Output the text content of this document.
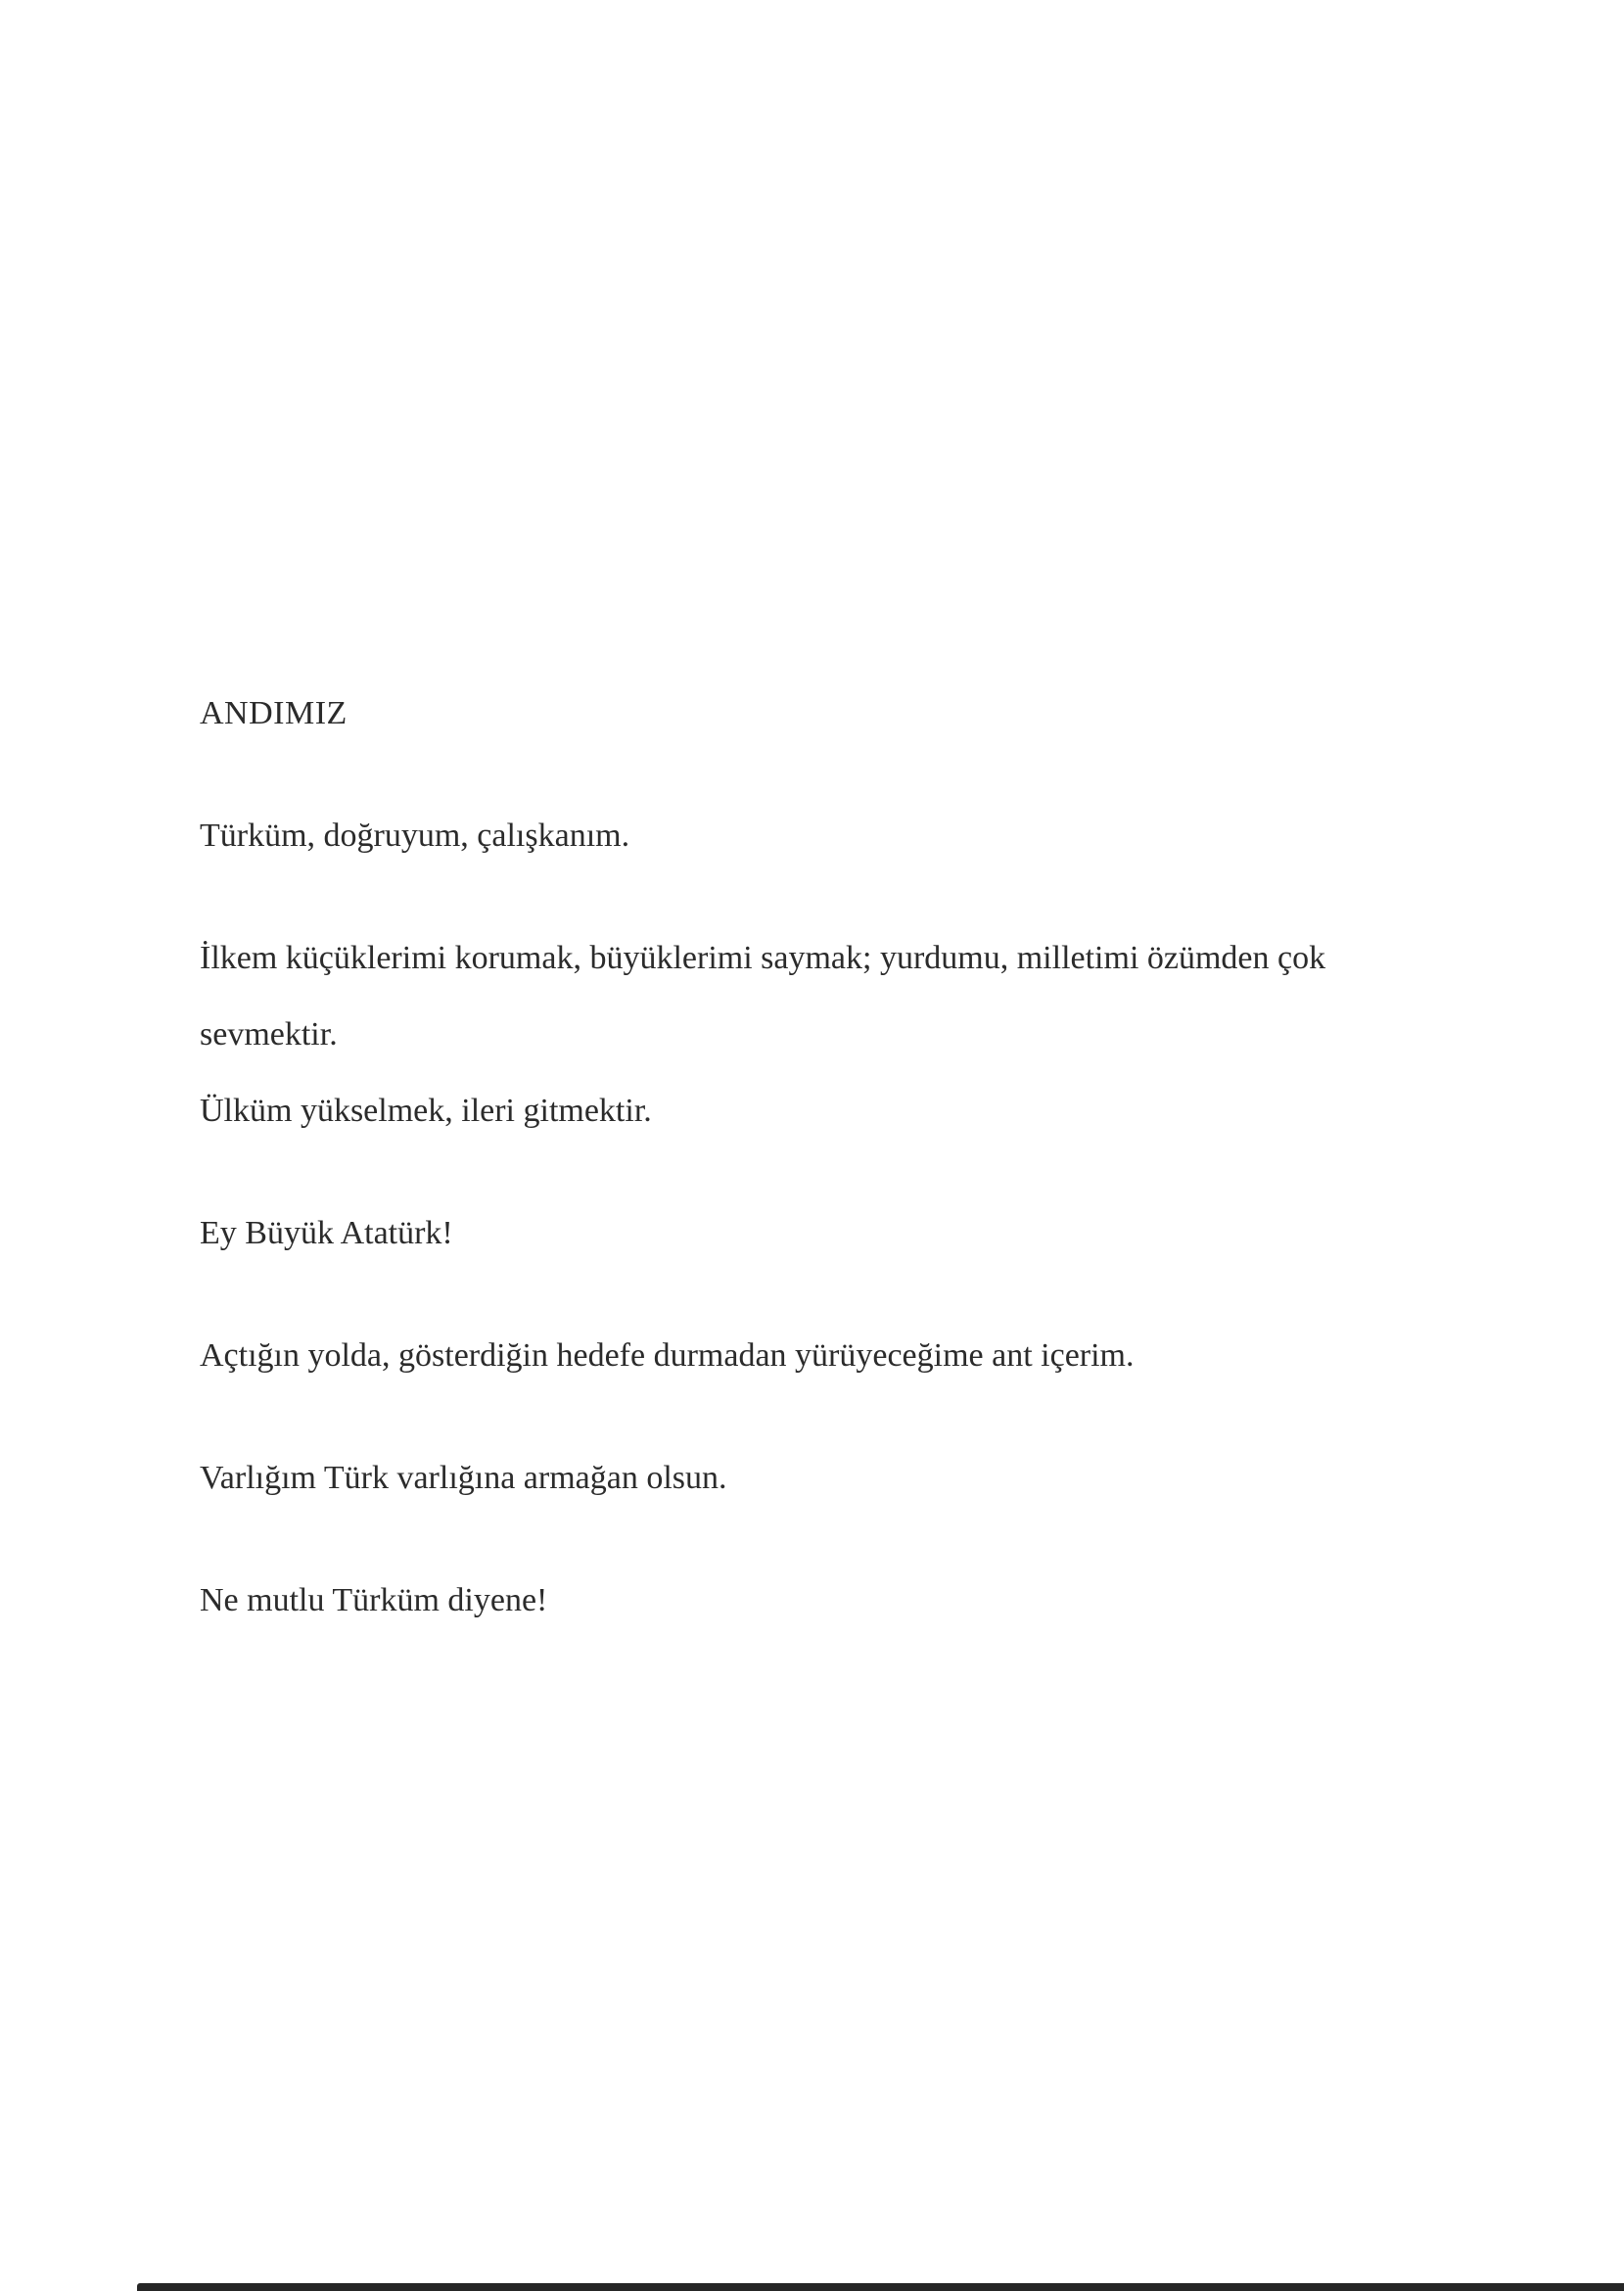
ANDIMIZ

Türküm, doğruyum, çalışkanım.

İlkem küçüklerimi korumak, büyüklerimi saymak; yurdumu, milletimi özümden çok sevmektir.

Ülküm yükselmek, ileri gitmektir.

Ey Büyük Atatürk!

Açtığın yolda, gösterdiğin hedefe durmadan yürüyeceğime ant içerim.

Varlığım Türk varlığına armağan olsun.

Ne mutlu Türküm diyene!
